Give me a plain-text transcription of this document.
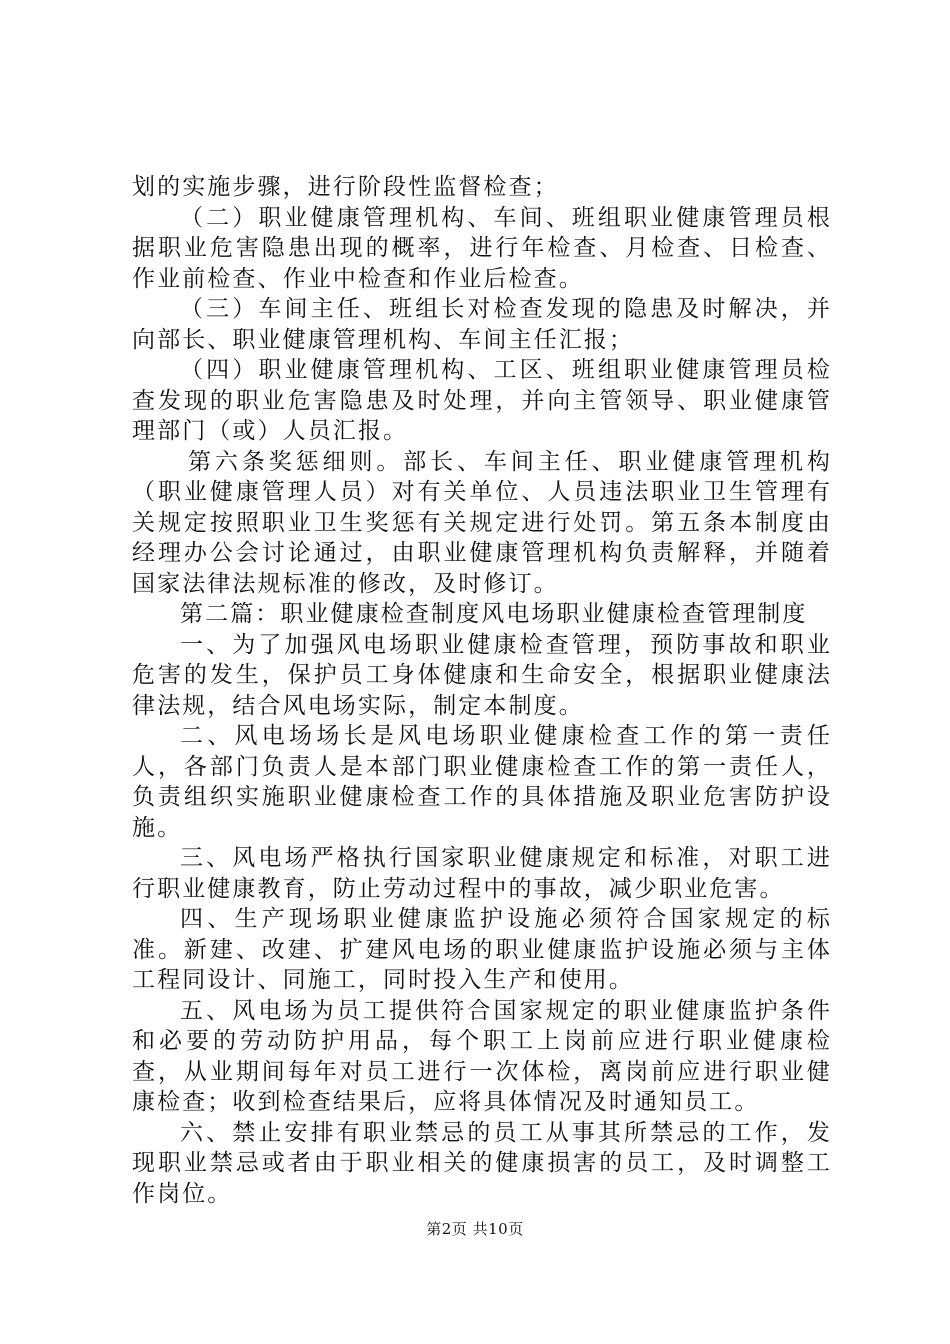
划的实施步骤，进行阶段性监督检查；

（二）职业健康管理机构、车间、班组职业健康管理员根据职业危害隐患出现的概率，进行年检查、月检查、日检查、作业前检查、作业中检查和作业后检查。

（三）车间主任、班组长对检查发现的隐患及时解决，并向部长、职业健康管理机构、车间主任汇报；

（四）职业健康管理机构、工区、班组职业健康管理员检查发现的职业危害隐患及时处理，并向主管领导、职业健康管理部门（或）人员汇报。

第六条奖惩细则。部长、车间主任、职业健康管理机构（职业健康管理人员）对有关单位、人员违法职业卫生管理有关规定按照职业卫生奖惩有关规定进行处罚。第五条本制度由经理办公会讨论通过，由职业健康管理机构负责解释，并随着国家法律法规标准的修改，及时修订。

第二篇：职业健康检查制度风电场职业健康检查管理制度

一、为了加强风电场职业健康检查管理，预防事故和职业危害的发生，保护员工身体健康和生命安全，根据职业健康法律法规，结合风电场实际，制定本制度。

二、风电场场长是风电场职业健康检查工作的第一责任人，各部门负责人是本部门职业健康检查工作的第一责任人，负责组织实施职业健康检查工作的具体措施及职业危害防护设施。

三、风电场严格执行国家职业健康规定和标准，对职工进行职业健康教育，防止劳动过程中的事故，减少职业危害。

四、生产现场职业健康监护设施必须符合国家规定的标准。新建、改建、扩建风电场的职业健康监护设施必须与主体工程同设计、同施工，同时投入生产和使用。

五、风电场为员工提供符合国家规定的职业健康监护条件和必要的劳动防护用品，每个职工上岗前应进行职业健康检查，从业期间每年对员工进行一次体检，离岗前应进行职业健康检查；收到检查结果后，应将具体情况及时通知员工。

六、禁止安排有职业禁忌的员工从事其所禁忌的工作，发现职业禁忌或者由于职业相关的健康损害的员工，及时调整工作岗位。

第2页 共10页
